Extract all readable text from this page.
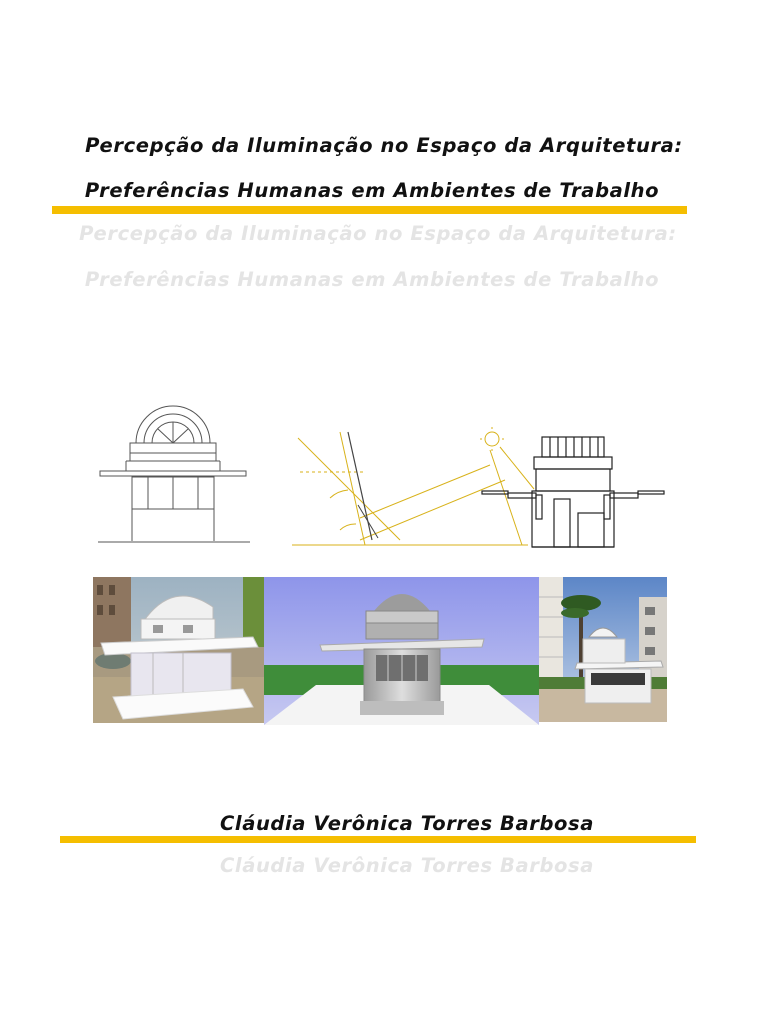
Percepção da Iluminação no Espaço da Arquitetura:
Preferências Humanas em Ambientes de Trabalho
Percepção da Iluminação no Espaço da Arquitetura:
Preferências Humanas em Ambientes de Trabalho
Cláudia Verônica Torres Barbosa
Cláudia Verônica Torres Barbosa
